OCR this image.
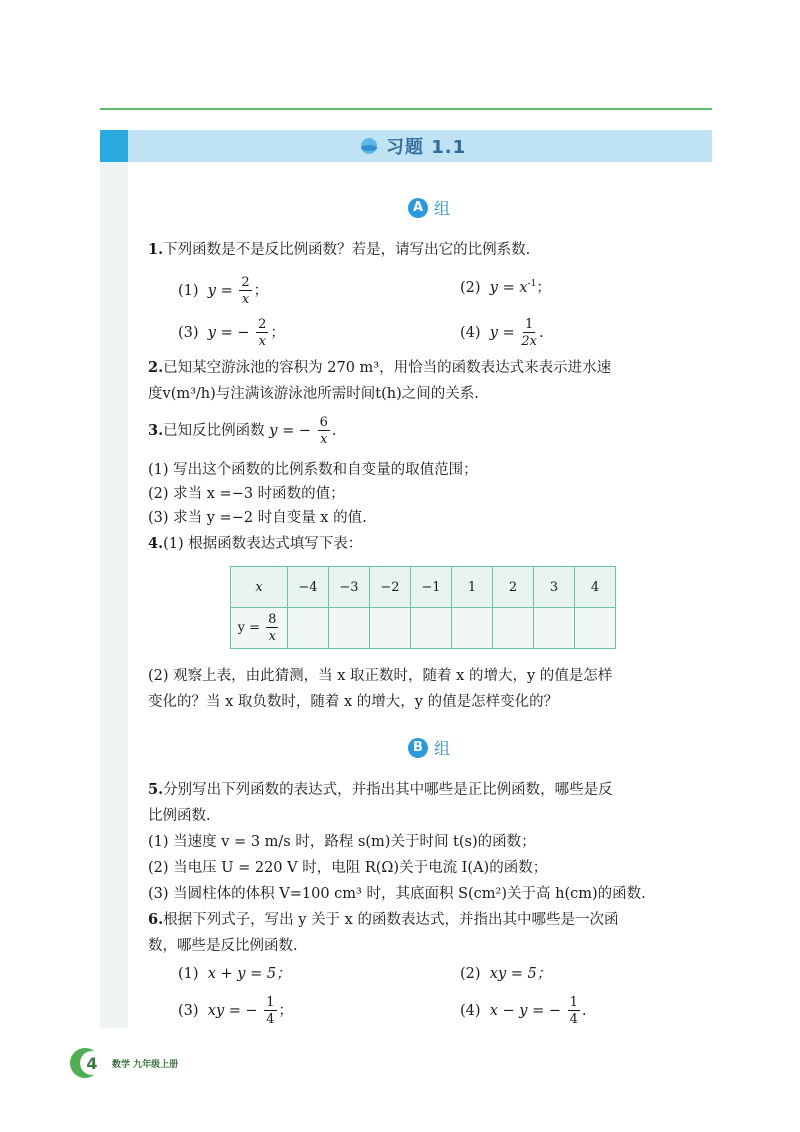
习题 1.1
A 组
1.下列函数是不是反比例函数？若是，请写出它的比例系数.
(1) $y = \frac{2}{x}$ ；	(2) $y = x^{-1}$；
(3) y = − $\frac{2}{x}$ ；	(4) $y = \frac{1}{2x}$ .
2.已知某空游泳池的容积为 270 m³，用恰当的函数表达式来表示进水速
度v(m³/h)与注满该游泳池所需时间t(h)之间的关系.
3.已知反比例函数 y = − $\frac{6}{x}$ .
(1) 写出这个函数的比例系数和自变量的取值范围；
(2) 求当 x =−3 时函数的值；
(3) 求当 y =−2 时自变量 x 的值.
4.(1) 根据函数表达式填写下表：
x	−4	−3	−2	−1	1	2	3	4
$y = \frac{8}{x}$

(2) 观察上表，由此猜测，当 x 取正数时，随着 x 的增大，y 的值是怎样
变化的？当 x 取负数时，随着 x 的增大，y 的值是怎样变化的？
B 组
5.分别写出下列函数的表达式，并指出其中哪些是正比例函数，哪些是反
比例函数.
(1) 当速度 v = 3 m/s 时，路程 s(m)关于时间 t(s)的函数；
(2) 当电压 U = 220 V 时，电阻 R(Ω)关于电流 I(A)的函数；
(3) 当圆柱体的体积 V=100 cm³ 时，其底面积 S(cm²)关于高 h(cm)的函数.
6.根据下列式子，写出 y 关于 x 的函数表达式，并指出其中哪些是一次函
数，哪些是反比例函数.
(1) x + y = 5；	(2) xy = 5；
(3) xy = − $\frac{1}{4}$ ；	(4) x − y = − $\frac{1}{4}$ .
4	数学 九年级上册
